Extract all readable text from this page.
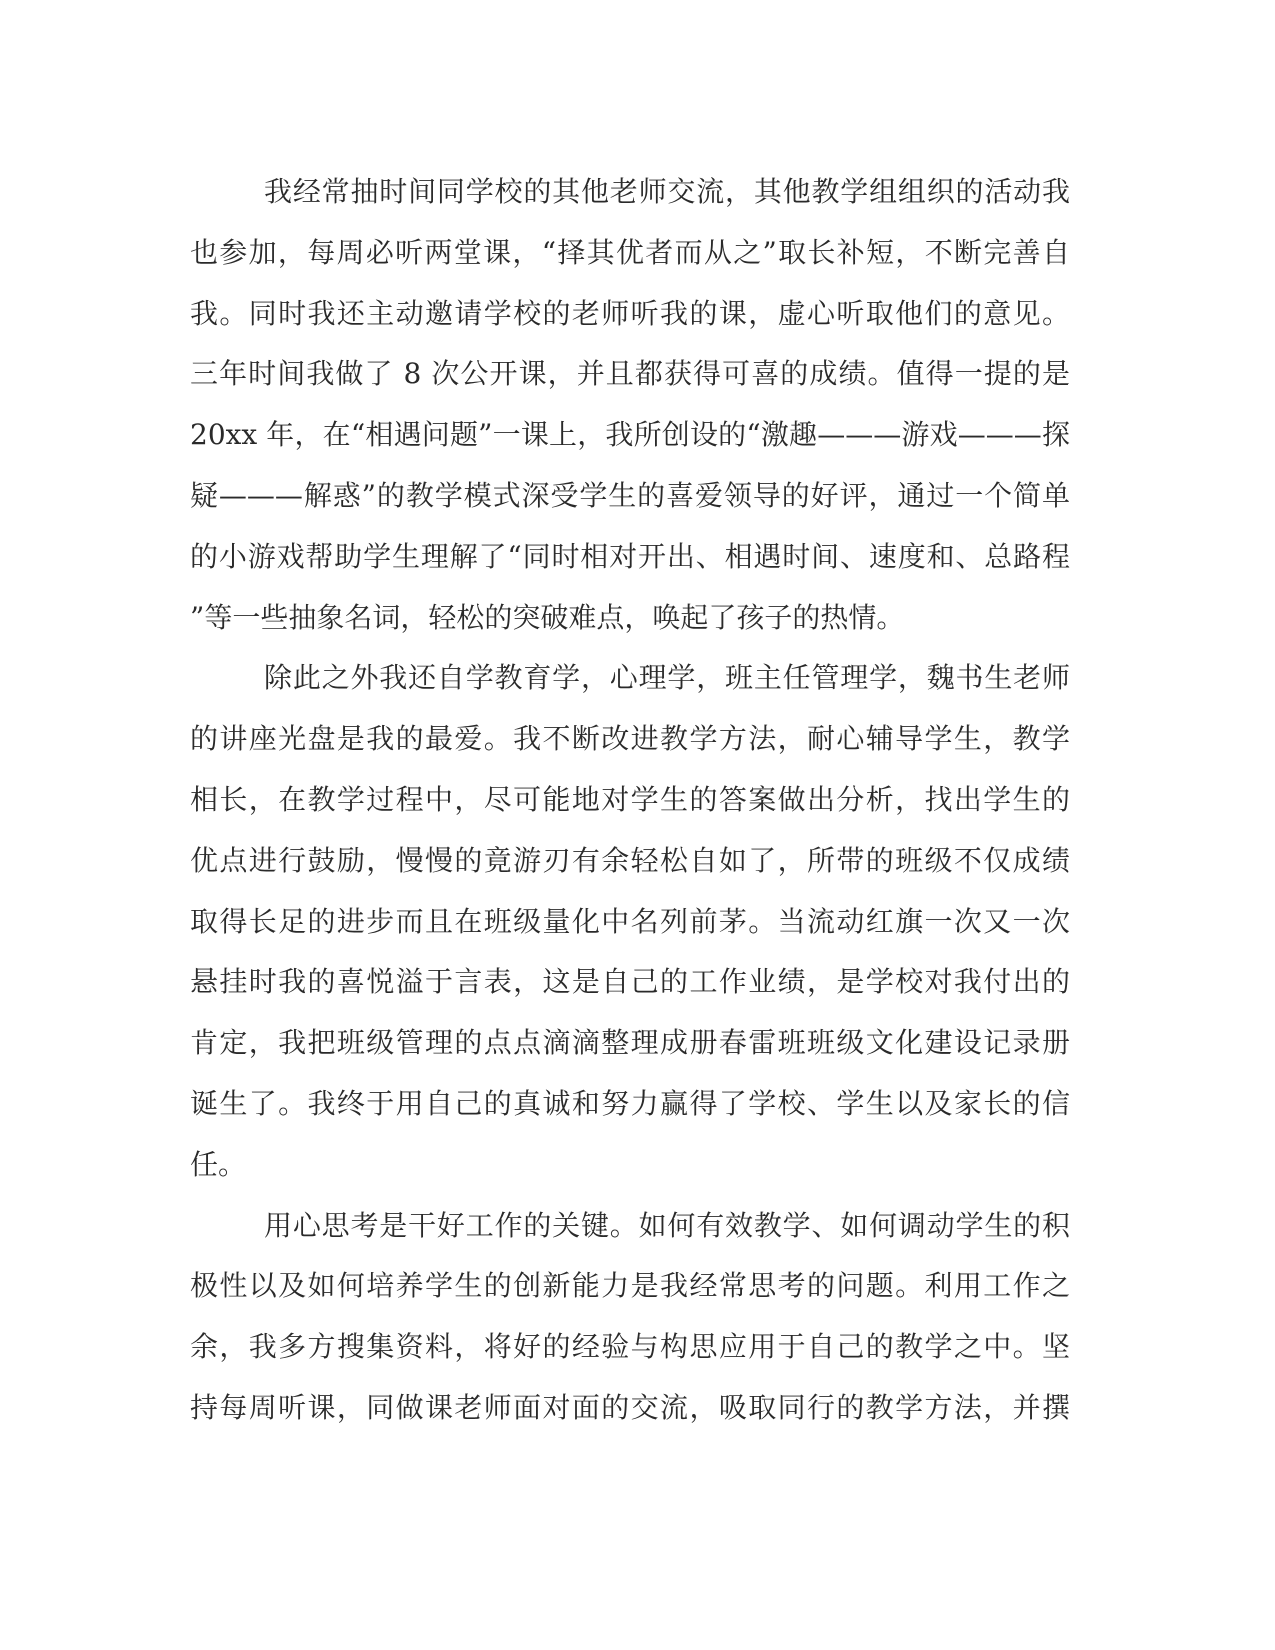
我经常抽时间同学校的其他老师交流，其他教学组组织的活动我
也参加，每周必听两堂课，“择其优者而从之”取长补短，不断完善自
我。同时我还主动邀请学校的老师听我的课，虚心听取他们的意见。
三年时间我做了 8 次公开课，并且都获得可喜的成绩。值得一提的是
20xx 年，在“相遇问题”一课上，我所创设的“激趣———游戏———探
疑———解惑”的教学模式深受学生的喜爱领导的好评，通过一个简单
的小游戏帮助学生理解了“同时相对开出、相遇时间、速度和、总路程
”等一些抽象名词，轻松的突破难点，唤起了孩子的热情。
除此之外我还自学教育学，心理学，班主任管理学，魏书生老师
的讲座光盘是我的最爱。我不断改进教学方法，耐心辅导学生，教学
相长，在教学过程中，尽可能地对学生的答案做出分析，找出学生的
优点进行鼓励，慢慢的竟游刃有余轻松自如了，所带的班级不仅成绩
取得长足的进步而且在班级量化中名列前茅。当流动红旗一次又一次
悬挂时我的喜悦溢于言表，这是自己的工作业绩，是学校对我付出的
肯定，我把班级管理的点点滴滴整理成册春雷班班级文化建设记录册
诞生了。我终于用自己的真诚和努力赢得了学校、学生以及家长的信
任。
用心思考是干好工作的关键。如何有效教学、如何调动学生的积
极性以及如何培养学生的创新能力是我经常思考的问题。利用工作之
余，我多方搜集资料，将好的经验与构思应用于自己的教学之中。坚
持每周听课，同做课老师面对面的交流，吸取同行的教学方法，并撰
